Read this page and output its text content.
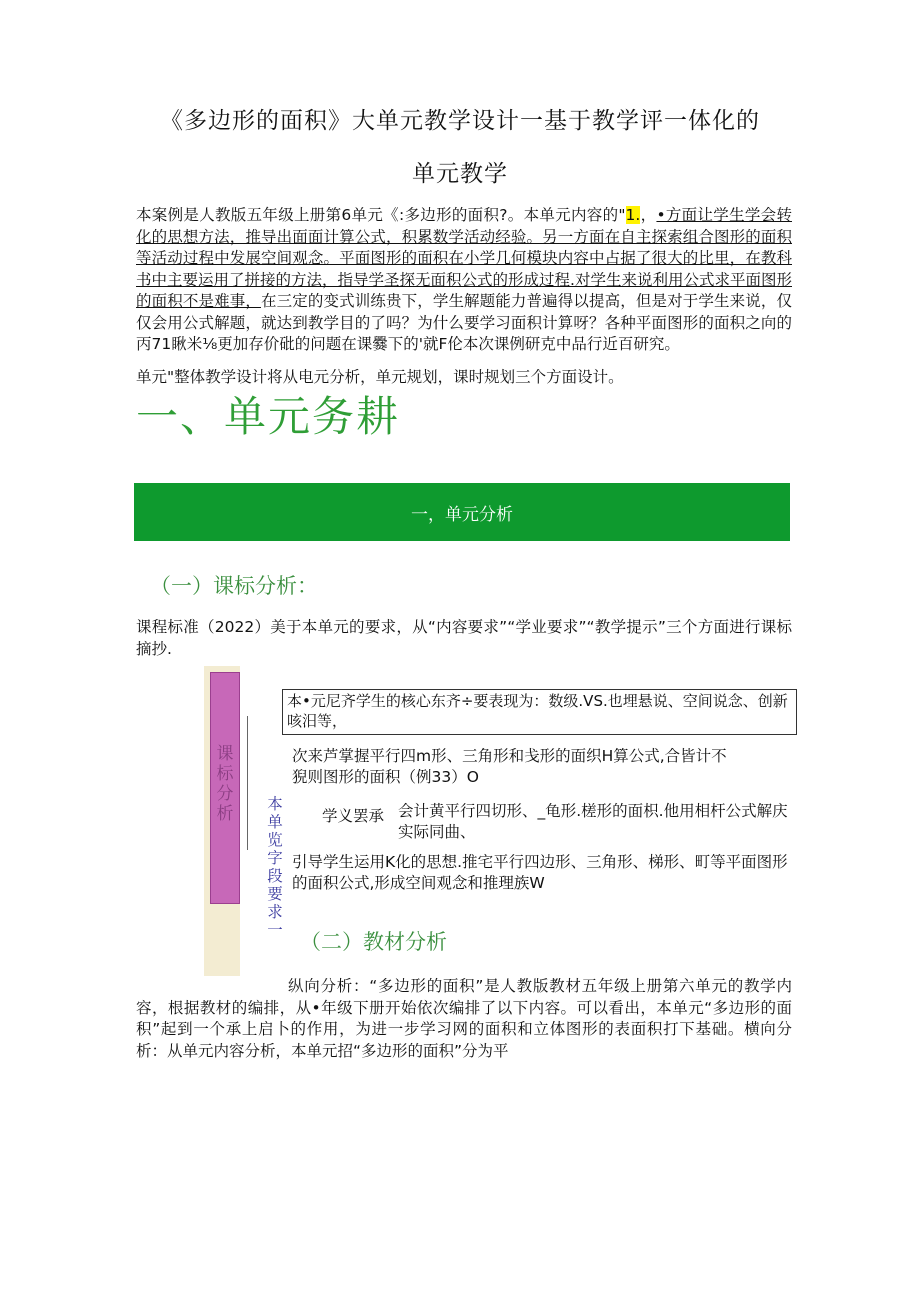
《多边形的面积》大单元教学设计一基于教学评一体化的
单元教学
本案例是人教版五年级上册第6单元《:多边形的面积?。本单元内容的"1.，•方面让学生学会转化的思想方法，推导出面面计算公式，积累数学活动经验。另一方面在自主探索组合图形的面积等活动过程中发展空间观念。平面图形的面积在小学几何模块内容中占据了很大的比里，在教科书中主要运用了拼接的方法，指导学圣探无面积公式的形成过程.对学生来说利用公式求平面图形的面积不是难事，在三定的变式训练贵下，学生解题能力普遍得以提高，但是对于学生来说，仅仅会用公式解题，就达到教学目的了吗？为什么要学习面积计算呀？各种平面图形的面积之向的丙71瞅米⅛更加存价砒的问题在课爨下的'就F伦本次课例研克中品行近百研究。
单元"整体教学设计将从电元分析，单元规划，课时规划三个方面设计。
一、单元务耕
一，单元分析
（一）课标分析：
课程标准（2022）美于本单元的要求，从“内容要求”“学业要求”“教学提示”三个方面进行课标摘抄.
课
标
分
析 本单览字段要求一
本•元尼齐学生的核心东齐÷要表现为：数级.VS.也埋悬说、空间说念、创新咳汨等，
次来芦掌握平行四m形、三角形和戋形的面织H算公式,合皆计不猊则图形的面积（例33）O
学义罢承 会计黄平行四切形、_龟形.槎形的面枳.他用相杆公式解庆实际同曲、
引导学生运用K化的思想.推宅平行四边形、三角形、梯形、町等平面图形的面积公式,形成空间观念和推理族W
（二）教材分析
纵向分析：“多边形的面积”是人教版教材五年级上册第六单元的教学内容，根据教材的编排，从•年级下册开始依次编排了以下内容。可以看出，本单元“多边形的面积”起到一个承上启卜的作用，为进一步学习网的面积和立体图形的表面积打下基础。横向分析：从单元内容分析，本单元招“多边形的面积”分为平
